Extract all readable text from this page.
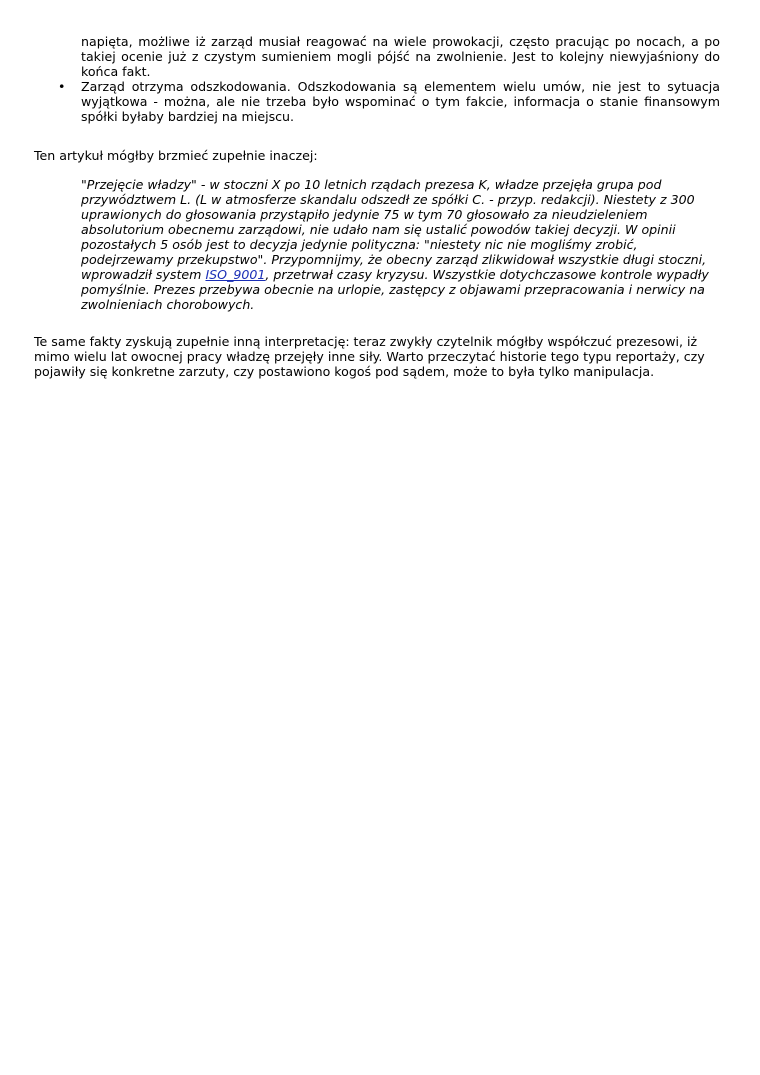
napięta, możliwe iż zarząd musiał reagować na wiele prowokacji, często pracując po nocach, a po takiej ocenie już z czystym sumieniem mogli pójść na zwolnienie. Jest to kolejny niewyjaśniony do końca fakt.
• Zarząd otrzyma odszkodowania. Odszkodowania są elementem wielu umów, nie jest to sytuacja wyjątkowa - można, ale nie trzeba było wspominać o tym fakcie, informacja o stanie finansowym spółki byłaby bardziej na miejscu.

Ten artykuł mógłby brzmieć zupełnie inaczej:

"Przejęcie władzy" - w stoczni X po 10 letnich rządach prezesa K, władze przejęła grupa pod przywództwem L. (L w atmosferze skandalu odszedł ze spółki C. - przyp. redakcji). Niestety z 300 uprawionych do głosowania przystąpiło jedynie 75 w tym 70 głosowało za nieudzieleniem absolutorium obecnemu zarządowi, nie udało nam się ustalić powodów takiej decyzji. W opinii pozostałych 5 osób jest to decyzja jedynie polityczna: "niestety nic nie mogliśmy zrobić, podejrzewamy przekupstwo". Przypomnijmy, że obecny zarząd zlikwidował wszystkie długi stoczni, wprowadził system ISO_9001, przetrwał czasy kryzysu. Wszystkie dotychczasowe kontrole wypadły pomyślnie. Prezes przebywa obecnie na urlopie, zastępcy z objawami przepracowania i nerwicy na zwolnieniach chorobowych.

Te same fakty zyskują zupełnie inną interpretację: teraz zwykły czytelnik mógłby współczuć prezesowi, iż mimo wielu lat owocnej pracy władzę przejęły inne siły. Warto przeczytać historie tego typu reportaży, czy pojawiły się konkretne zarzuty, czy postawiono kogoś pod sądem, może to była tylko manipulacja.
